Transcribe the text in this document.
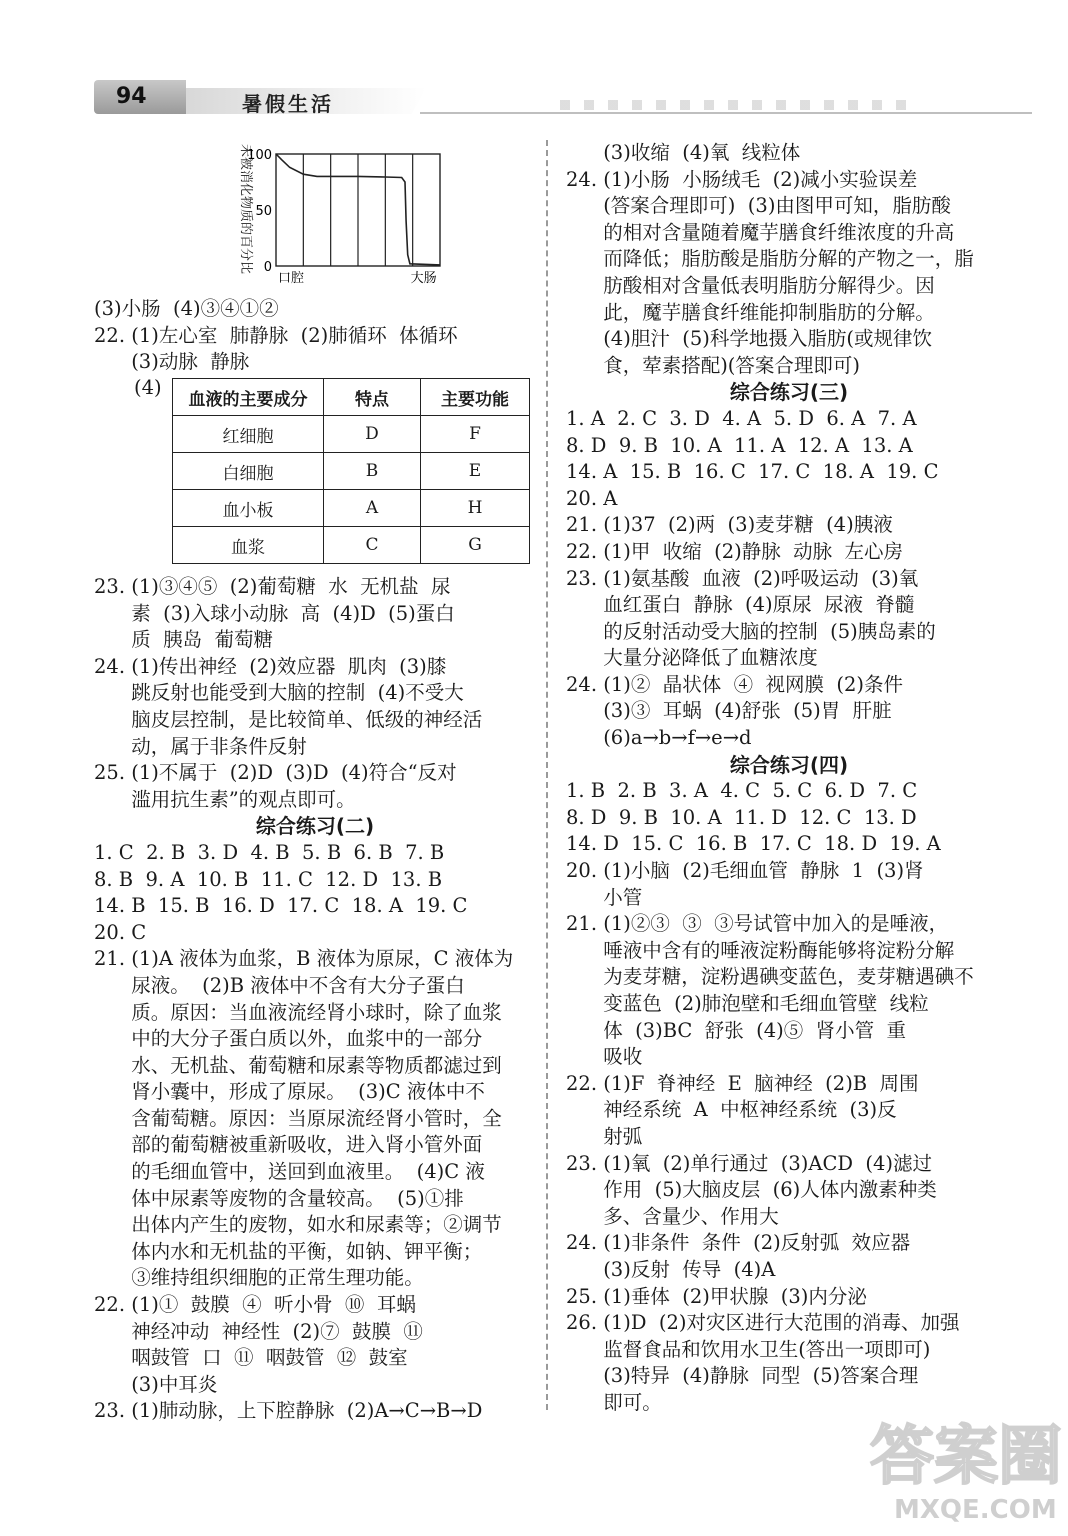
94	暑假生活
未被消化物质的百分比
100
50
0
口腔	大肠
(3)小肠  (4)③④①②
22. (1)左心室  肺静脉  (2)肺循环  体循环
(3)动脉  静脉
(4)
血液的主要成分	特点	主要功能
红细胞	D	F
白细胞	B	E
血小板	A	H
血浆	C	G
23. (1)③④⑤  (2)葡萄糖  水  无机盐  尿
素  (3)入球小动脉  高  (4)D  (5)蛋白
质  胰岛  葡萄糖
24. (1)传出神经  (2)效应器  肌肉  (3)膝
跳反射也能受到大脑的控制  (4)不受大
脑皮层控制，是比较简单、低级的神经活
动，属于非条件反射
25. (1)不属于  (2)D  (3)D  (4)符合“反对
滥用抗生素”的观点即可。
综合练习(二)
1. C  2. B  3. D  4. B  5. B  6. B  7. B
8. B  9. A  10. B  11. C  12. D  13. B
14. B  15. B  16. D  17. C  18. A  19. C
20. C
21. (1)A 液体为血浆，B 液体为原尿，C 液体为
尿液。  (2)B 液体中不含有大分子蛋白
质。原因：当血液流经肾小球时，除了血浆
中的大分子蛋白质以外，血浆中的一部分
水、无机盐、葡萄糖和尿素等物质都滤过到
肾小囊中，形成了原尿。  (3)C 液体中不
含葡萄糖。原因：当原尿流经肾小管时，全
部的葡萄糖被重新吸收，进入肾小管外面
的毛细血管中，送回到血液里。  (4)C 液
体中尿素等废物的含量较高。  (5)①排
出体内产生的废物，如水和尿素等；②调节
体内水和无机盐的平衡，如钠、钾平衡；
③维持组织细胞的正常生理功能。
22. (1)①  鼓膜  ④  听小骨  ⑩  耳蜗
神经冲动  神经性  (2)⑦  鼓膜  ⑪
咽鼓管  口  ⑪  咽鼓管  ⑫  鼓室
(3)中耳炎
23. (1)肺动脉，上下腔静脉  (2)A→C→B→D
(3)收缩  (4)氧  线粒体
24. (1)小肠  小肠绒毛  (2)减小实验误差
(答案合理即可)  (3)由图甲可知，脂肪酸
的相对含量随着魔芋膳食纤维浓度的升高
而降低；脂肪酸是脂肪分解的产物之一，脂
肪酸相对含量低表明脂肪分解得少。因
此，魔芋膳食纤维能抑制脂肪的分解。
(4)胆汁  (5)科学地摄入脂肪(或规律饮
食，荤素搭配)(答案合理即可)
综合练习(三)
1. A  2. C  3. D  4. A  5. D  6. A  7. A
8. D  9. B  10. A  11. A  12. A  13. A
14. A  15. B  16. C  17. C  18. A  19. C
20. A
21. (1)37  (2)两  (3)麦芽糖  (4)胰液
22. (1)甲  收缩  (2)静脉  动脉  左心房
23. (1)氨基酸  血液  (2)呼吸运动  (3)氧
血红蛋白  静脉  (4)原尿  尿液  脊髓
的反射活动受大脑的控制  (5)胰岛素的
大量分泌降低了血糖浓度
24. (1)②  晶状体  ④  视网膜  (2)条件
(3)③  耳蜗  (4)舒张  (5)胃  肝脏
(6)a→b→f→e→d
综合练习(四)
1. B  2. B  3. A  4. C  5. C  6. D  7. C
8. D  9. B  10. A  11. D  12. C  13. D
14. D  15. C  16. B  17. C  18. D  19. A
20. (1)小脑  (2)毛细血管  静脉  1  (3)肾
小管
21. (1)②③  ③  ③号试管中加入的是唾液，
唾液中含有的唾液淀粉酶能够将淀粉分解
为麦芽糖，淀粉遇碘变蓝色，麦芽糖遇碘不
变蓝色  (2)肺泡壁和毛细血管壁  线粒
体  (3)BC  舒张  (4)⑤  肾小管  重
吸收
22. (1)F  脊神经  E  脑神经  (2)B  周围
神经系统  A  中枢神经系统  (3)反
射弧
23. (1)氧  (2)单行通过  (3)ACD  (4)滤过
作用  (5)大脑皮层  (6)人体内激素种类
多、含量少、作用大
24. (1)非条件  条件  (2)反射弧  效应器
(3)反射  传导  (4)A
25. (1)垂体  (2)甲状腺  (3)内分泌
26. (1)D  (2)对灾区进行大范围的消毒、加强
监督食品和饮用水卫生(答出一项即可)
(3)特异  (4)静脉  同型  (5)答案合理
即可。
答案圈
MXQE.COM
